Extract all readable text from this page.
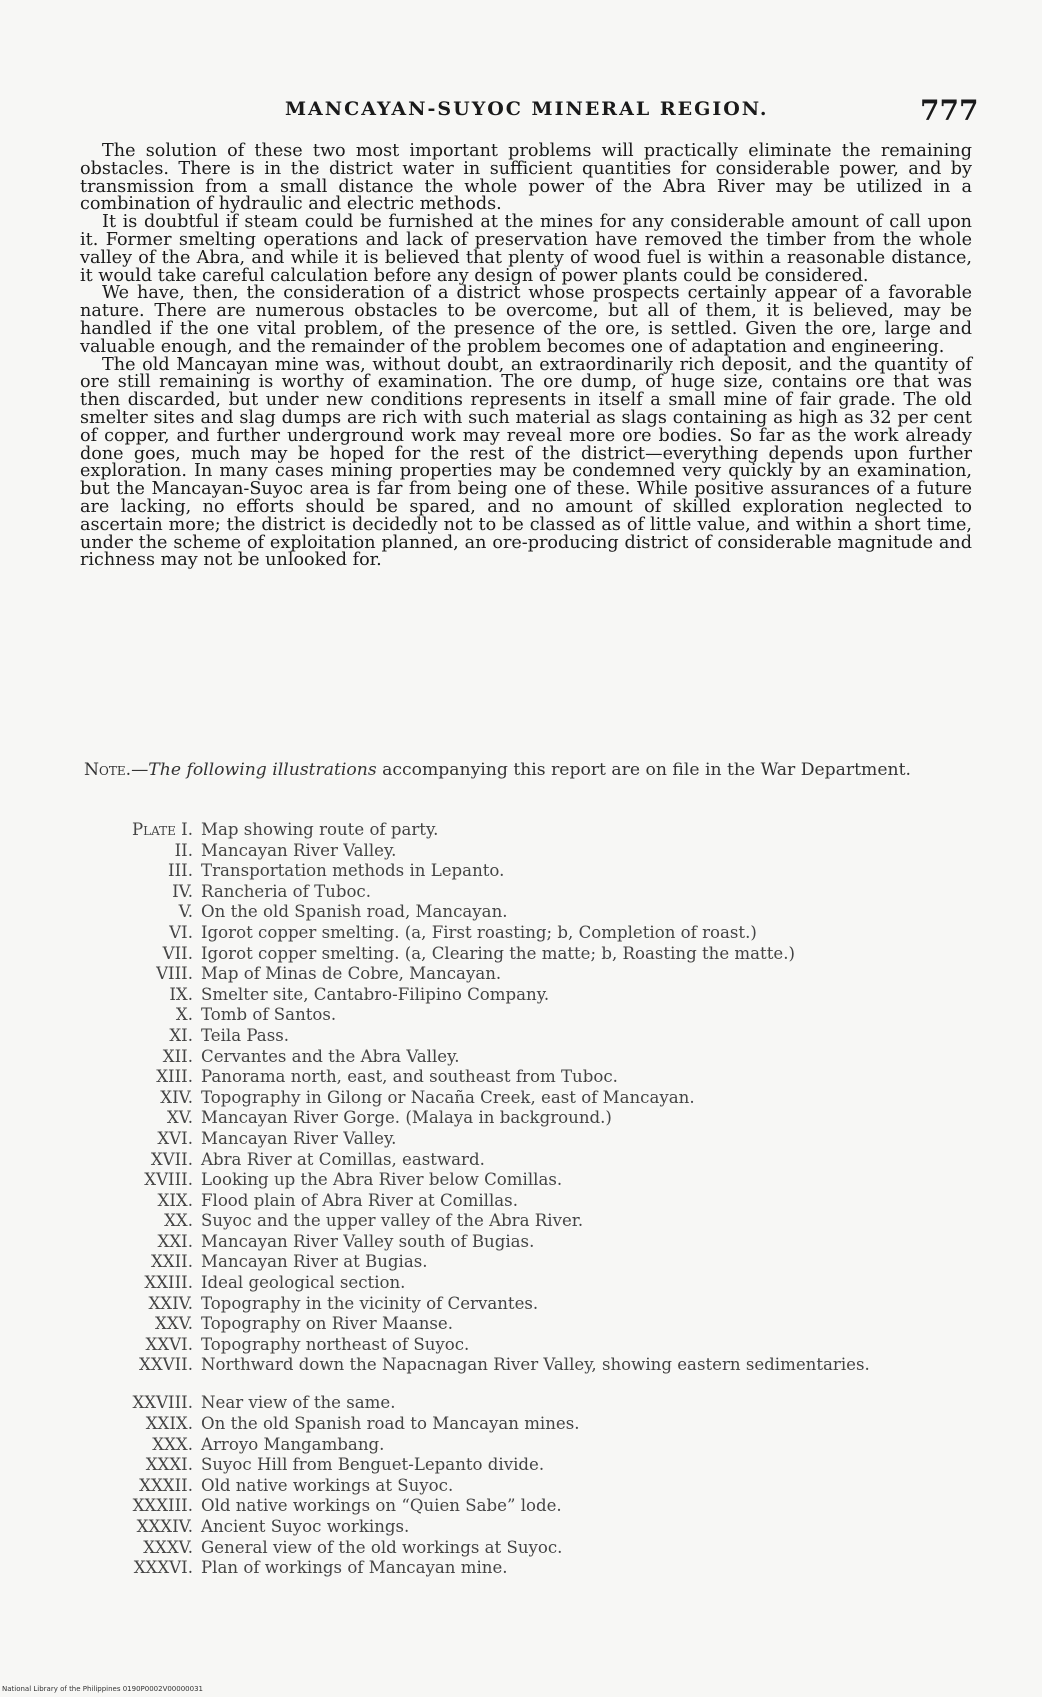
MANCAYAN-SUYOC MINERAL REGION.	777

The solution of these two most important problems will practically eliminate the remaining obstacles. There is in the district water in sufficient quantities for considerable power, and by transmission from a small distance the whole power of the Abra River may be utilized in a combination of hydraulic and electric methods.

It is doubtful if steam could be furnished at the mines for any considerable amount of call upon it. Former smelting operations and lack of preservation have removed the timber from the whole valley of the Abra, and while it is believed that plenty of wood fuel is within a reasonable distance, it would take careful calculation before any design of power plants could be considered.

We have, then, the consideration of a district whose prospects certainly appear of a favorable nature. There are numerous obstacles to be overcome, but all of them, it is believed, may be handled if the one vital problem, of the presence of the ore, is settled. Given the ore, large and valuable enough, and the remainder of the problem becomes one of adaptation and engineering.

The old Mancayan mine was, without doubt, an extraordinarily rich deposit, and the quantity of ore still remaining is worthy of examination. The ore dump, of huge size, contains ore that was then discarded, but under new conditions represents in itself a small mine of fair grade. The old smelter sites and slag dumps are rich with such material as slags containing as high as 32 per cent of copper, and further underground work may reveal more ore bodies. So far as the work already done goes, much may be hoped for the rest of the district—everything depends upon further exploration. In many cases mining properties may be condemned very quickly by an examination, but the Mancayan-Suyoc area is far from being one of these. While positive assurances of a future are lacking, no efforts should be spared, and no amount of skilled exploration neglected to ascertain more; the district is decidedly not to be classed as of little value, and within a short time, under the scheme of exploitation planned, an ore-producing district of considerable magnitude and richness may not be unlooked for.

Note.—The following illustrations accompanying this report are on file in the War Department.
Plate I. Map showing route of party.
II. Mancayan River Valley.
III. Transportation methods in Lepanto.
IV. Rancheria of Tuboc.
V. On the old Spanish road, Mancayan.
VI. Igorot copper smelting. (a, First roasting; b, Completion of roast.)
VII. Igorot copper smelting. (a, Clearing the matte; b, Roasting the matte.)
VIII. Map of Minas de Cobre, Mancayan.
IX. Smelter site, Cantabro-Filipino Company.
X. Tomb of Santos.
XI. Teila Pass.
XII. Cervantes and the Abra Valley.
XIII. Panorama north, east, and southeast from Tuboc.
XIV. Topography in Gilong or Nacaña Creek, east of Mancayan.
XV. Mancayan River Gorge. (Malaya in background.)
XVI. Mancayan River Valley.
XVII. Abra River at Comillas, eastward.
XVIII. Looking up the Abra River below Comillas.
XIX. Flood plain of Abra River at Comillas.
XX. Suyoc and the upper valley of the Abra River.
XXI. Mancayan River Valley south of Bugias.
XXII. Mancayan River at Bugias.
XXIII. Ideal geological section.
XXIV. Topography in the vicinity of Cervantes.
XXV. Topography on River Maanse.
XXVI. Topography northeast of Suyoc.
XXVII. Northward down the Napacnagan River Valley, showing eastern sedimentaries.
XXVIII. Near view of the same.
XXIX. On the old Spanish road to Mancayan mines.
XXX. Arroyo Mangambang.
XXXI. Suyoc Hill from Benguet-Lepanto divide.
XXXII. Old native workings at Suyoc.
XXXIII. Old native workings on “Quien Sabe” lode.
XXXIV. Ancient Suyoc workings.
XXXV. General view of the old workings at Suyoc.
XXXVI. Plan of workings of Mancayan mine.
National Library of the Philippines 0190P0002V00000031
